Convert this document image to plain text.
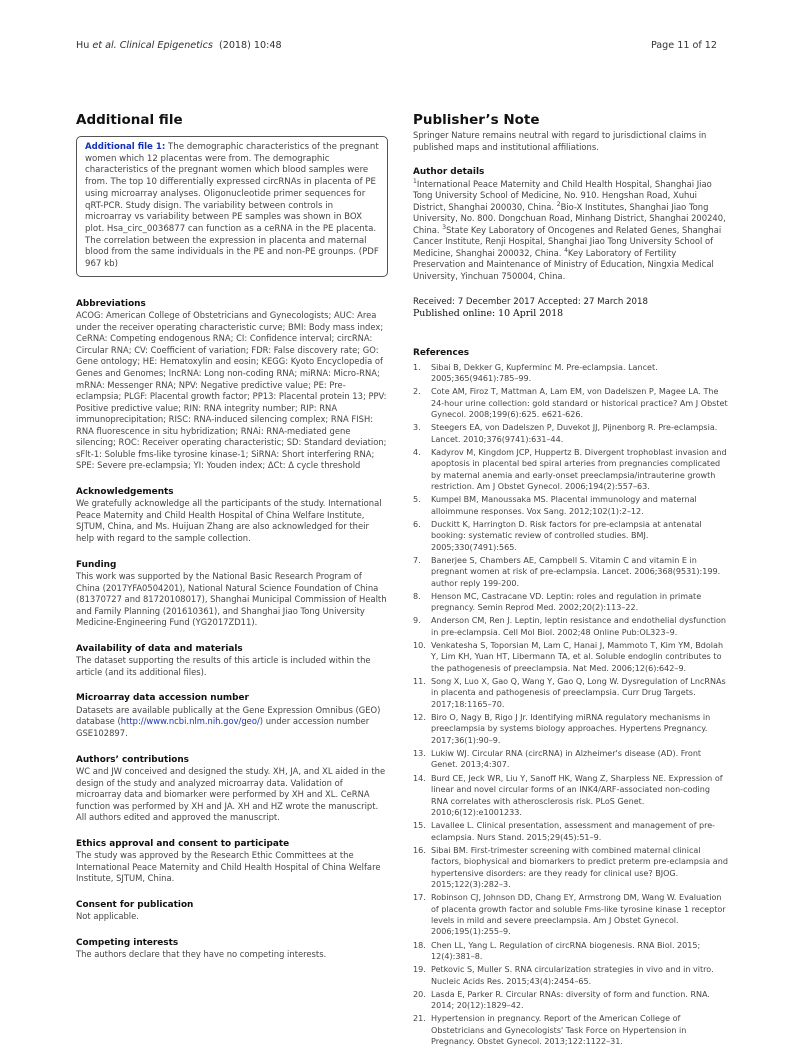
Hu et al. Clinical Epigenetics (2018) 10:48	Page 11 of 12
Additional file
Additional file 1: The demographic characteristics of the pregnant women which 12 placentas were from. The demographic characteristics of the pregnant women which blood samples were from. The top 10 differentially expressed circRNAs in placenta of PE using microarray analyses. Oligonucleotide primer sequences for qRT-PCR. Study disign. The variability between controls in microarray vs variability between PE samples was shown in BOX plot. Hsa_circ_0036877 can function as a ceRNA in the PE placenta. The correlation between the expression in placenta and maternal blood from the same individuals in the PE and non-PE grounps. (PDF 967 kb)
Abbreviations
ACOG: American College of Obstetricians and Gynecologists; AUC: Area under the receiver operating characteristic curve; BMI: Body mass index; CeRNA: Competing endogenous RNA; CI: Confidence interval; circRNA: Circular RNA; CV: Coefficient of variation; FDR: False discovery rate; GO: Gene ontology; HE: Hematoxylin and eosin; KEGG: Kyoto Encyclopedia of Genes and Genomes; lncRNA: Long non-coding RNA; miRNA: Micro-RNA; mRNA: Messenger RNA; NPV: Negative predictive value; PE: Pre-eclampsia; PLGF: Placental growth factor; PP13: Placental protein 13; PPV: Positive predictive value; RIN: RNA integrity number; RIP: RNA immunoprecipitation; RISC: RNA-induced silencing complex; RNA FISH: RNA fluorescence in situ hybridization; RNAi: RNA-mediated gene silencing; ROC: Receiver operating characteristic; SD: Standard deviation; sFlt-1: Soluble fms-like tyrosine kinase-1; SiRNA: Short interfering RNA; SPE: Severe pre-eclampsia; YI: Youden index; ΔCt: Δ cycle threshold
Acknowledgements
We gratefully acknowledge all the participants of the study. International Peace Maternity and Child Health Hospital of China Welfare Institute, SJTUM, China, and Ms. Huijuan Zhang are also acknowledged for their help with regard to the sample collection.
Funding
This work was supported by the National Basic Research Program of China (2017YFA0504201), National Natural Science Foundation of China (81370727 and 81720108017), Shanghai Municipal Commission of Health and Family Planning (201610361), and Shanghai Jiao Tong University Medicine-Engineering Fund (YG2017ZD11).
Availability of data and materials
The dataset supporting the results of this article is included within the article (and its additional files).
Microarray data accession number
Datasets are available publically at the Gene Expression Omnibus (GEO) database (http://www.ncbi.nlm.nih.gov/geo/) under accession number GSE102897.
Authors’ contributions
WC and JW conceived and designed the study. XH, JA, and XL aided in the design of the study and analyzed microarray data. Validation of microarray data and biomarker were performed by XH and XL. CeRNA function was performed by XH and JA. XH and HZ wrote the manuscript. All authors edited and approved the manuscript.
Ethics approval and consent to participate
The study was approved by the Research Ethic Committees at the International Peace Maternity and Child Health Hospital of China Welfare Institute, SJTUM, China.
Consent for publication
Not applicable.
Competing interests
The authors declare that they have no competing interests.
Publisher’s Note
Springer Nature remains neutral with regard to jurisdictional claims in published maps and institutional affiliations.
Author details
$^1$International Peace Maternity and Child Health Hospital, Shanghai Jiao Tong University School of Medicine, No. 910. Hengshan Road, Xuhui District, Shanghai 200030, China. $^2$Bio-X Institutes, Shanghai Jiao Tong University, No. 800. Dongchuan Road, Minhang District, Shanghai 200240, China. $^3$State Key Laboratory of Oncogenes and Related Genes, Shanghai Cancer Institute, Renji Hospital, Shanghai Jiao Tong University School of Medicine, Shanghai 200032, China. $^4$Key Laboratory of Fertility Preservation and Maintenance of Ministry of Education, Ningxia Medical University, Yinchuan 750004, China.
Received: 7 December 2017 Accepted: 27 March 2018
Published online: 10 April 2018
References
1.	Sibai B, Dekker G, Kupferminc M. Pre-eclampsia. Lancet. 2005;365(9461):785–99.
2.	Cote AM, Firoz T, Mattman A, Lam EM, von Dadelszen P, Magee LA. The 24-hour urine collection: gold standard or historical practice? Am J Obstet Gynecol. 2008;199(6):625. e621-626.
3.	Steegers EA, von Dadelszen P, Duvekot JJ, Pijnenborg R. Pre-eclampsia. Lancet. 2010;376(9741):631–44.
4.	Kadyrov M, Kingdom JCP, Huppertz B. Divergent trophoblast invasion and apoptosis in placental bed spiral arteries from pregnancies complicated by maternal anemia and early-onset preeclampsia/intrauterine growth restriction. Am J Obstet Gynecol. 2006;194(2):557–63.
5.	Kumpel BM, Manoussaka MS. Placental immunology and maternal alloimmune responses. Vox Sang. 2012;102(1):2–12.
6.	Duckitt K, Harrington D. Risk factors for pre-eclampsia at antenatal booking: systematic review of controlled studies. BMJ. 2005;330(7491):565.
7.	Banerjee S, Chambers AE, Campbell S. Vitamin C and vitamin E in pregnant women at risk of pre-eclampsia. Lancet. 2006;368(9531):199. author reply 199-200.
8.	Henson MC, Castracane VD. Leptin: roles and regulation in primate pregnancy. Semin Reprod Med. 2002;20(2):113–22.
9.	Anderson CM, Ren J. Leptin, leptin resistance and endothelial dysfunction in pre-eclampsia. Cell Mol Biol. 2002;48 Online Pub:OL323–9.
10. Venkatesha S, Toporsian M, Lam C, Hanai J, Mammoto T, Kim YM, Bdolah Y, Lim KH, Yuan HT, Libermann TA, et al. Soluble endoglin contributes to the pathogenesis of preeclampsia. Nat Med. 2006;12(6):642–9.
11. Song X, Luo X, Gao Q, Wang Y, Gao Q, Long W. Dysregulation of LncRNAs in placenta and pathogenesis of preeclampsia. Curr Drug Targets. 2017;18:1165–70.
12. Biro O, Nagy B, Rigo J Jr. Identifying miRNA regulatory mechanisms in preeclampsia by systems biology approaches. Hypertens Pregnancy. 2017;36(1):90–9.
13. Lukiw WJ. Circular RNA (circRNA) in Alzheimer's disease (AD). Front Genet. 2013;4:307.
14. Burd CE, Jeck WR, Liu Y, Sanoff HK, Wang Z, Sharpless NE. Expression of linear and novel circular forms of an INK4/ARF-associated non-coding RNA correlates with atherosclerosis risk. PLoS Genet. 2010;6(12):e1001233.
15. Lavallee L. Clinical presentation, assessment and management of pre-eclampsia. Nurs Stand. 2015;29(45):51–9.
16. Sibai BM. First-trimester screening with combined maternal clinical factors, biophysical and biomarkers to predict preterm pre-eclampsia and hypertensive disorders: are they ready for clinical use? BJOG. 2015;122(3):282–3.
17. Robinson CJ, Johnson DD, Chang EY, Armstrong DM, Wang W. Evaluation of placenta growth factor and soluble Fms-like tyrosine kinase 1 receptor levels in mild and severe preeclampsia. Am J Obstet Gynecol. 2006;195(1):255–9.
18. Chen LL, Yang L. Regulation of circRNA biogenesis. RNA Biol. 2015; 12(4):381–8.
19. Petkovic S, Muller S. RNA circularization strategies in vivo and in vitro. Nucleic Acids Res. 2015;43(4):2454–65.
20. Lasda E, Parker R. Circular RNAs: diversity of form and function. RNA. 2014; 20(12):1829–42.
21. Hypertension in pregnancy. Report of the American College of Obstetricians and Gynecologists' Task Force on Hypertension in Pregnancy. Obstet Gynecol. 2013;122:1122–31.
